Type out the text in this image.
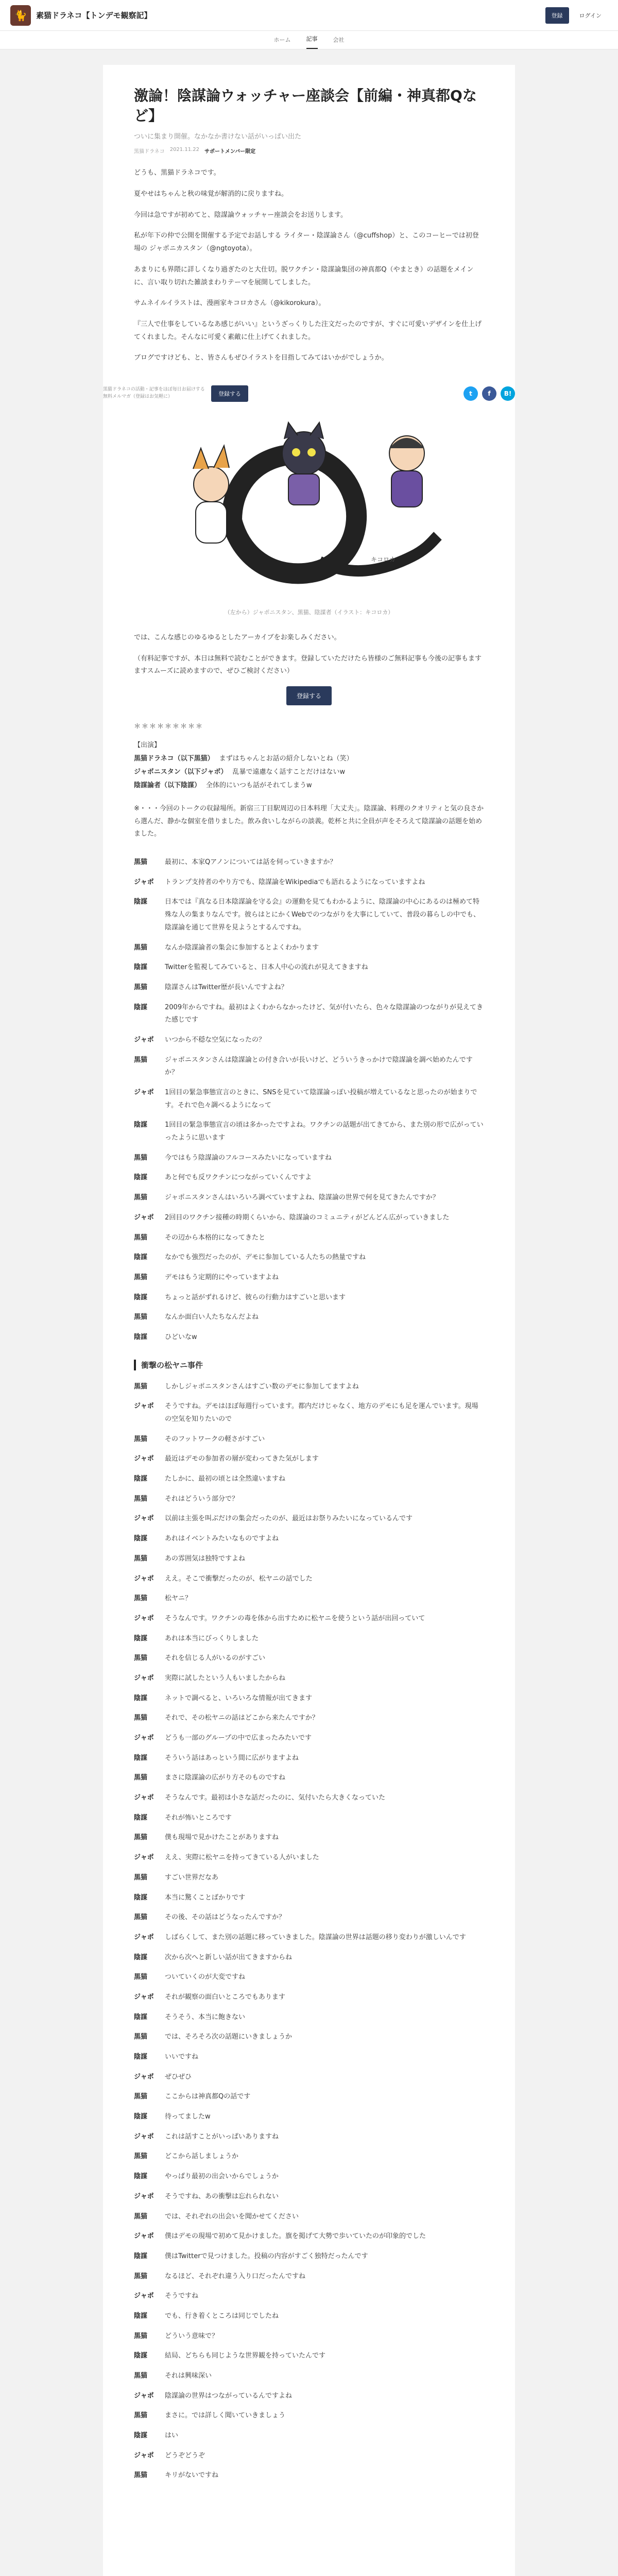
🐈	素猫ドラネコ【トンデモ観察記】	登録	ログイン
ホーム	記事	会社
激論！陰謀論ウォッチャー座談会【前編・神真都Qなど】
ついに集まり開催。なかなか書けない話がいっぱい出た
黒猫ドラネコ 2021.11.22 サポートメンバー限定

どうも、黒猫ドラネコです。

夏やせはちゃんと秋の味覚が解消的に戻りますね。

今回は急ですが初めてと、陰謀論ウォッチャー座談会をお送りします。

私が年下の仲で公開を開催する予定でお話しする ライター・陰謀論さん（@cuffshop）と、このコーヒーでは初登場の ジャポニカスタン（@ngtoyota）。

あまりにも界隈に詳しくなり過ぎたのと大仕切。脱ワクチン・陰謀論集団の神真都Q（やまとき）の話題をメインに、言い取り切れた雑談まわりテーマを展開してしました。

サムネイルイラストは、漫画家キコロカさん（@kikorokura）。

『三人で仕事をしているなあ感じがいい』というざっくりした注文だったのですが、すぐに可愛いデザインを仕上げてくれました。そんなに可愛く素敵に仕上げてくれました。

ブログですけども、と、皆さんもぜひイラストを目指してみてはいかがでしょうか。

黒猫ドラネコの活動・記事をほぼ毎日お届けする無料メルマガ（登録はお気軽に）	登録する	t	f	B!
キコロカ
（左から）ジャポニスタン、黒猫、陰謀者（イラスト：キコロカ）

では、こんな感じのゆるゆるとしたアーカイブをお楽しみください。

（有料記事ですが、本日は無料で読むことができます。登録していただけたら皆様のご無料記事も今後の記事もますますスムーズに読めますので、ぜひご検討ください）

登録する
＊＊＊＊＊＊＊＊＊
【出演】
黒猫ドラネコ（以下黒猫） まずはちゃんとお話の紹介しないとね（笑）
ジャポニスタン（以下ジャポ） 乱暴で遠慮なく話すことだけはないw
陰謀論者（以下陰謀） 全体的にいつも話がそれてしまうw
※・・・今回のトークの収録場所。新宿三丁目駅周辺の日本料理「大丈夫」。陰謀論、料理のクオリティと気の良さから選んだ、静かな個室を借りました。飲み食いしながらの談義。乾杯と共に全員が声をそろえて陰謀論の話題を始めました。
黒猫	最初に、本家Qアノンについては話を伺っていきますか？
ジャポ	トランプ支持者のやり方でも、陰謀論をWikipediaでも語れるようになっていますよね
陰謀	日本では『真なる日本陰謀論を守る会』の運動を見てもわかるように、陰謀論の中心にあるのは極めて特殊な人の集まりなんです。彼らはとにかくWebでのつながりを大事にしていて、普段の暮らしの中でも、陰謀論を通じて世界を見ようとするんですね。
黒猫	なんか陰謀論者の集会に参加するとよくわかります
陰謀	Twitterを監視してみていると、日本人中心の流れが見えてきますね
黒猫	陰謀さんはTwitter歴が長いんですよね？
陰謀	2009年からですね。最初はよくわからなかったけど、気が付いたら、色々な陰謀論のつながりが見えてきた感じです
ジャポ	いつから不穏な空気になったの？
黒猫	ジャポニスタンさんは陰謀論との付き合いが長いけど、どういうきっかけで陰謀論を調べ始めたんですか？
ジャポ	1回目の緊急事態宣言のときに、SNSを見ていて陰謀論っぽい投稿が増えているなと思ったのが始まりです。それで色々調べるようになって
陰謀	1回目の緊急事態宣言の頃は多かったですよね。ワクチンの話題が出てきてから、また別の形で広がっていったように思います
黒猫	今ではもう陰謀論のフルコースみたいになっていますね
陰謀	あと何でも反ワクチンにつながっていくんですよ
黒猫	ジャポニスタンさんはいろいろ調べていますよね、陰謀論の世界で何を見てきたんですか？
ジャポ	2回目のワクチン接種の時期くらいから、陰謀論のコミュニティがどんどん広がっていきました
黒猫	その辺から本格的になってきたと
陰謀	なかでも強烈だったのが、デモに参加している人たちの熱量ですね
黒猫	デモはもう定期的にやっていますよね
陰謀	ちょっと話がずれるけど、彼らの行動力はすごいと思います
黒猫	なんか面白い人たちなんだよね
陰謀	ひどいなw
衝撃の松ヤニ事件
黒猫	しかしジャポニスタンさんはすごい数のデモに参加してますよね
ジャポ	そうですね。デモはほぼ毎週行っています。都内だけじゃなく、地方のデモにも足を運んでいます。現場の空気を知りたいので
黒猫	そのフットワークの軽さがすごい
ジャポ	最近はデモの参加者の層が変わってきた気がします
陰謀	たしかに、最初の頃とは全然違いますね
黒猫	それはどういう部分で？
ジャポ	以前は主張を叫ぶだけの集会だったのが、最近はお祭りみたいになっているんです
陰謀	あれはイベントみたいなものですよね
黒猫	あの雰囲気は独特ですよね
ジャポ	ええ。そこで衝撃だったのが、松ヤニの話でした
黒猫	松ヤニ？
ジャポ	そうなんです。ワクチンの毒を体から出すために松ヤニを使うという話が出回っていて
陰謀	あれは本当にびっくりしました
黒猫	それを信じる人がいるのがすごい
ジャポ	実際に試したという人もいましたからね
陰謀	ネットで調べると、いろいろな情報が出てきます
黒猫	それで、その松ヤニの話はどこから来たんですか？
ジャポ	どうも一部のグループの中で広まったみたいです
陰謀	そういう話はあっという間に広がりますよね
黒猫	まさに陰謀論の広がり方そのものですね
ジャポ	そうなんです。最初は小さな話だったのに、気付いたら大きくなっていた
陰謀	それが怖いところです
黒猫	僕も現場で見かけたことがありますね
ジャポ	ええ、実際に松ヤニを持ってきている人がいました
黒猫	すごい世界だなあ
陰謀	本当に驚くことばかりです
黒猫	その後、その話はどうなったんですか？
ジャポ	しばらくして、また別の話題に移っていきました。陰謀論の世界は話題の移り変わりが激しいんです
陰謀	次から次へと新しい話が出てきますからね
黒猫	ついていくのが大変ですね
ジャポ	それが観察の面白いところでもあります
陰謀	そうそう、本当に飽きない
黒猫	では、そろそろ次の話題にいきましょうか
陰謀	いいですね
ジャポ	ぜひぜひ
黒猫	ここからは神真都Qの話です
陰謀	待ってましたw
ジャポ	これは話すことがいっぱいありますね
黒猫	どこから話しましょうか
陰謀	やっぱり最初の出会いからでしょうか
ジャポ	そうですね、あの衝撃は忘れられない
黒猫	では、それぞれの出会いを聞かせてください
ジャポ	僕はデモの現場で初めて見かけました。旗を掲げて大勢で歩いていたのが印象的でした
陰謀	僕はTwitterで見つけました。投稿の内容がすごく独特だったんです
黒猫	なるほど、それぞれ違う入り口だったんですね
ジャポ	そうですね
陰謀	でも、行き着くところは同じでしたね
黒猫	どういう意味で？
陰謀	結局、どちらも同じような世界観を持っていたんです
黒猫	それは興味深い
ジャポ	陰謀論の世界はつながっているんですよね
黒猫	まさに。では詳しく聞いていきましょう
陰謀	はい
ジャポ	どうぞどうぞ
黒猫	キリがないですね
